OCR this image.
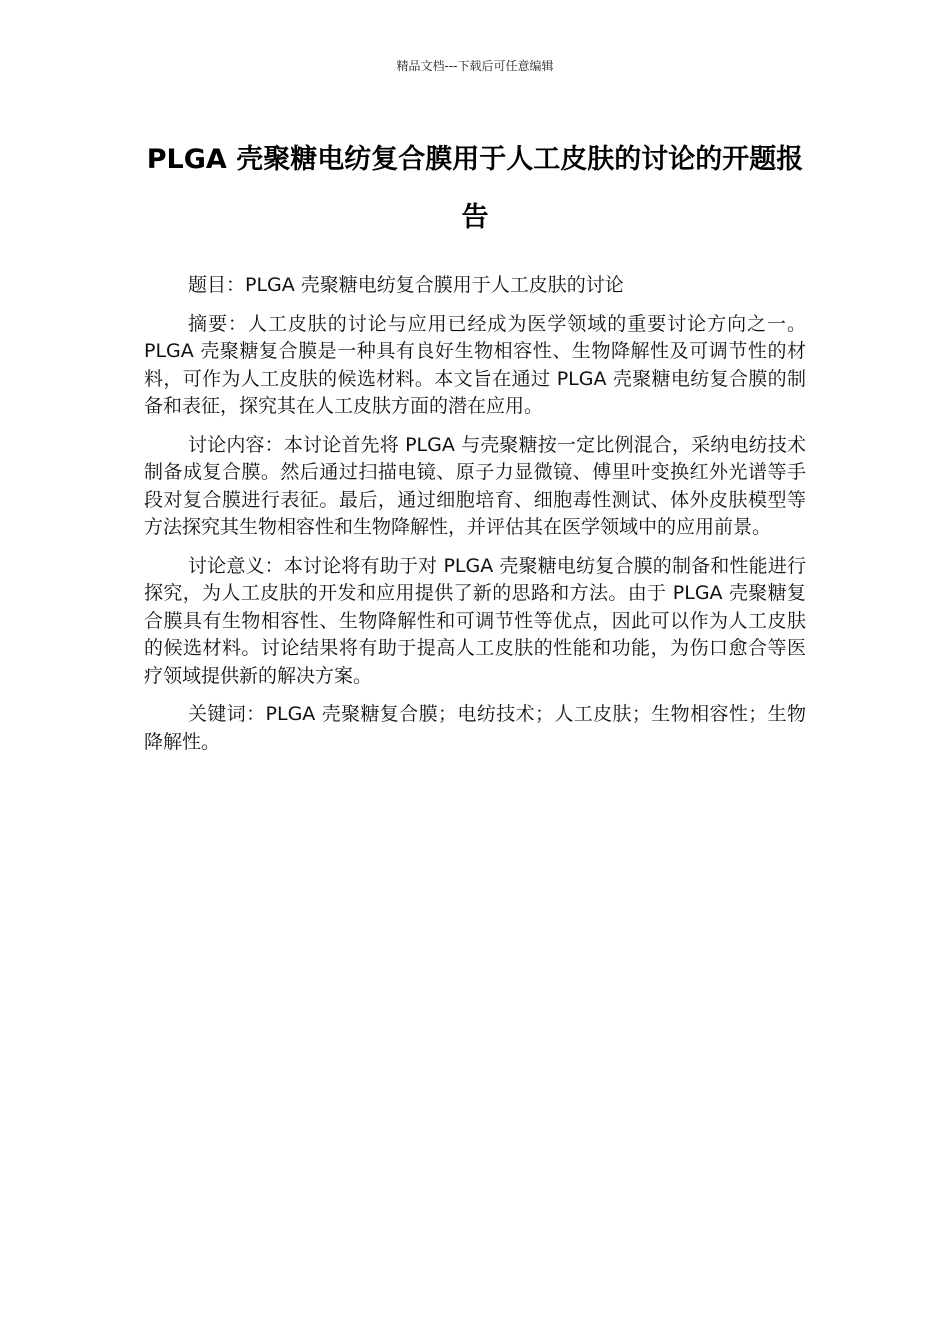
精品文档---下载后可任意编辑
PLGA 壳聚糖电纺复合膜用于人工皮肤的讨论的开题报告

题目：PLGA 壳聚糖电纺复合膜用于人工皮肤的讨论

摘要：人工皮肤的讨论与应用已经成为医学领域的重要讨论方向之一。PLGA 壳聚糖复合膜是一种具有良好生物相容性、生物降解性及可调节性的材料，可作为人工皮肤的候选材料。本文旨在通过 PLGA 壳聚糖电纺复合膜的制备和表征，探究其在人工皮肤方面的潜在应用。

讨论内容：本讨论首先将 PLGA 与壳聚糖按一定比例混合，采纳电纺技术制备成复合膜。然后通过扫描电镜、原子力显微镜、傅里叶变换红外光谱等手段对复合膜进行表征。最后，通过细胞培育、细胞毒性测试、体外皮肤模型等方法探究其生物相容性和生物降解性，并评估其在医学领域中的应用前景。

讨论意义：本讨论将有助于对 PLGA 壳聚糖电纺复合膜的制备和性能进行探究，为人工皮肤的开发和应用提供了新的思路和方法。由于 PLGA 壳聚糖复合膜具有生物相容性、生物降解性和可调节性等优点，因此可以作为人工皮肤的候选材料。讨论结果将有助于提高人工皮肤的性能和功能，为伤口愈合等医疗领域提供新的解决方案。

关键词：PLGA 壳聚糖复合膜；电纺技术；人工皮肤；生物相容性；生物降解性。
